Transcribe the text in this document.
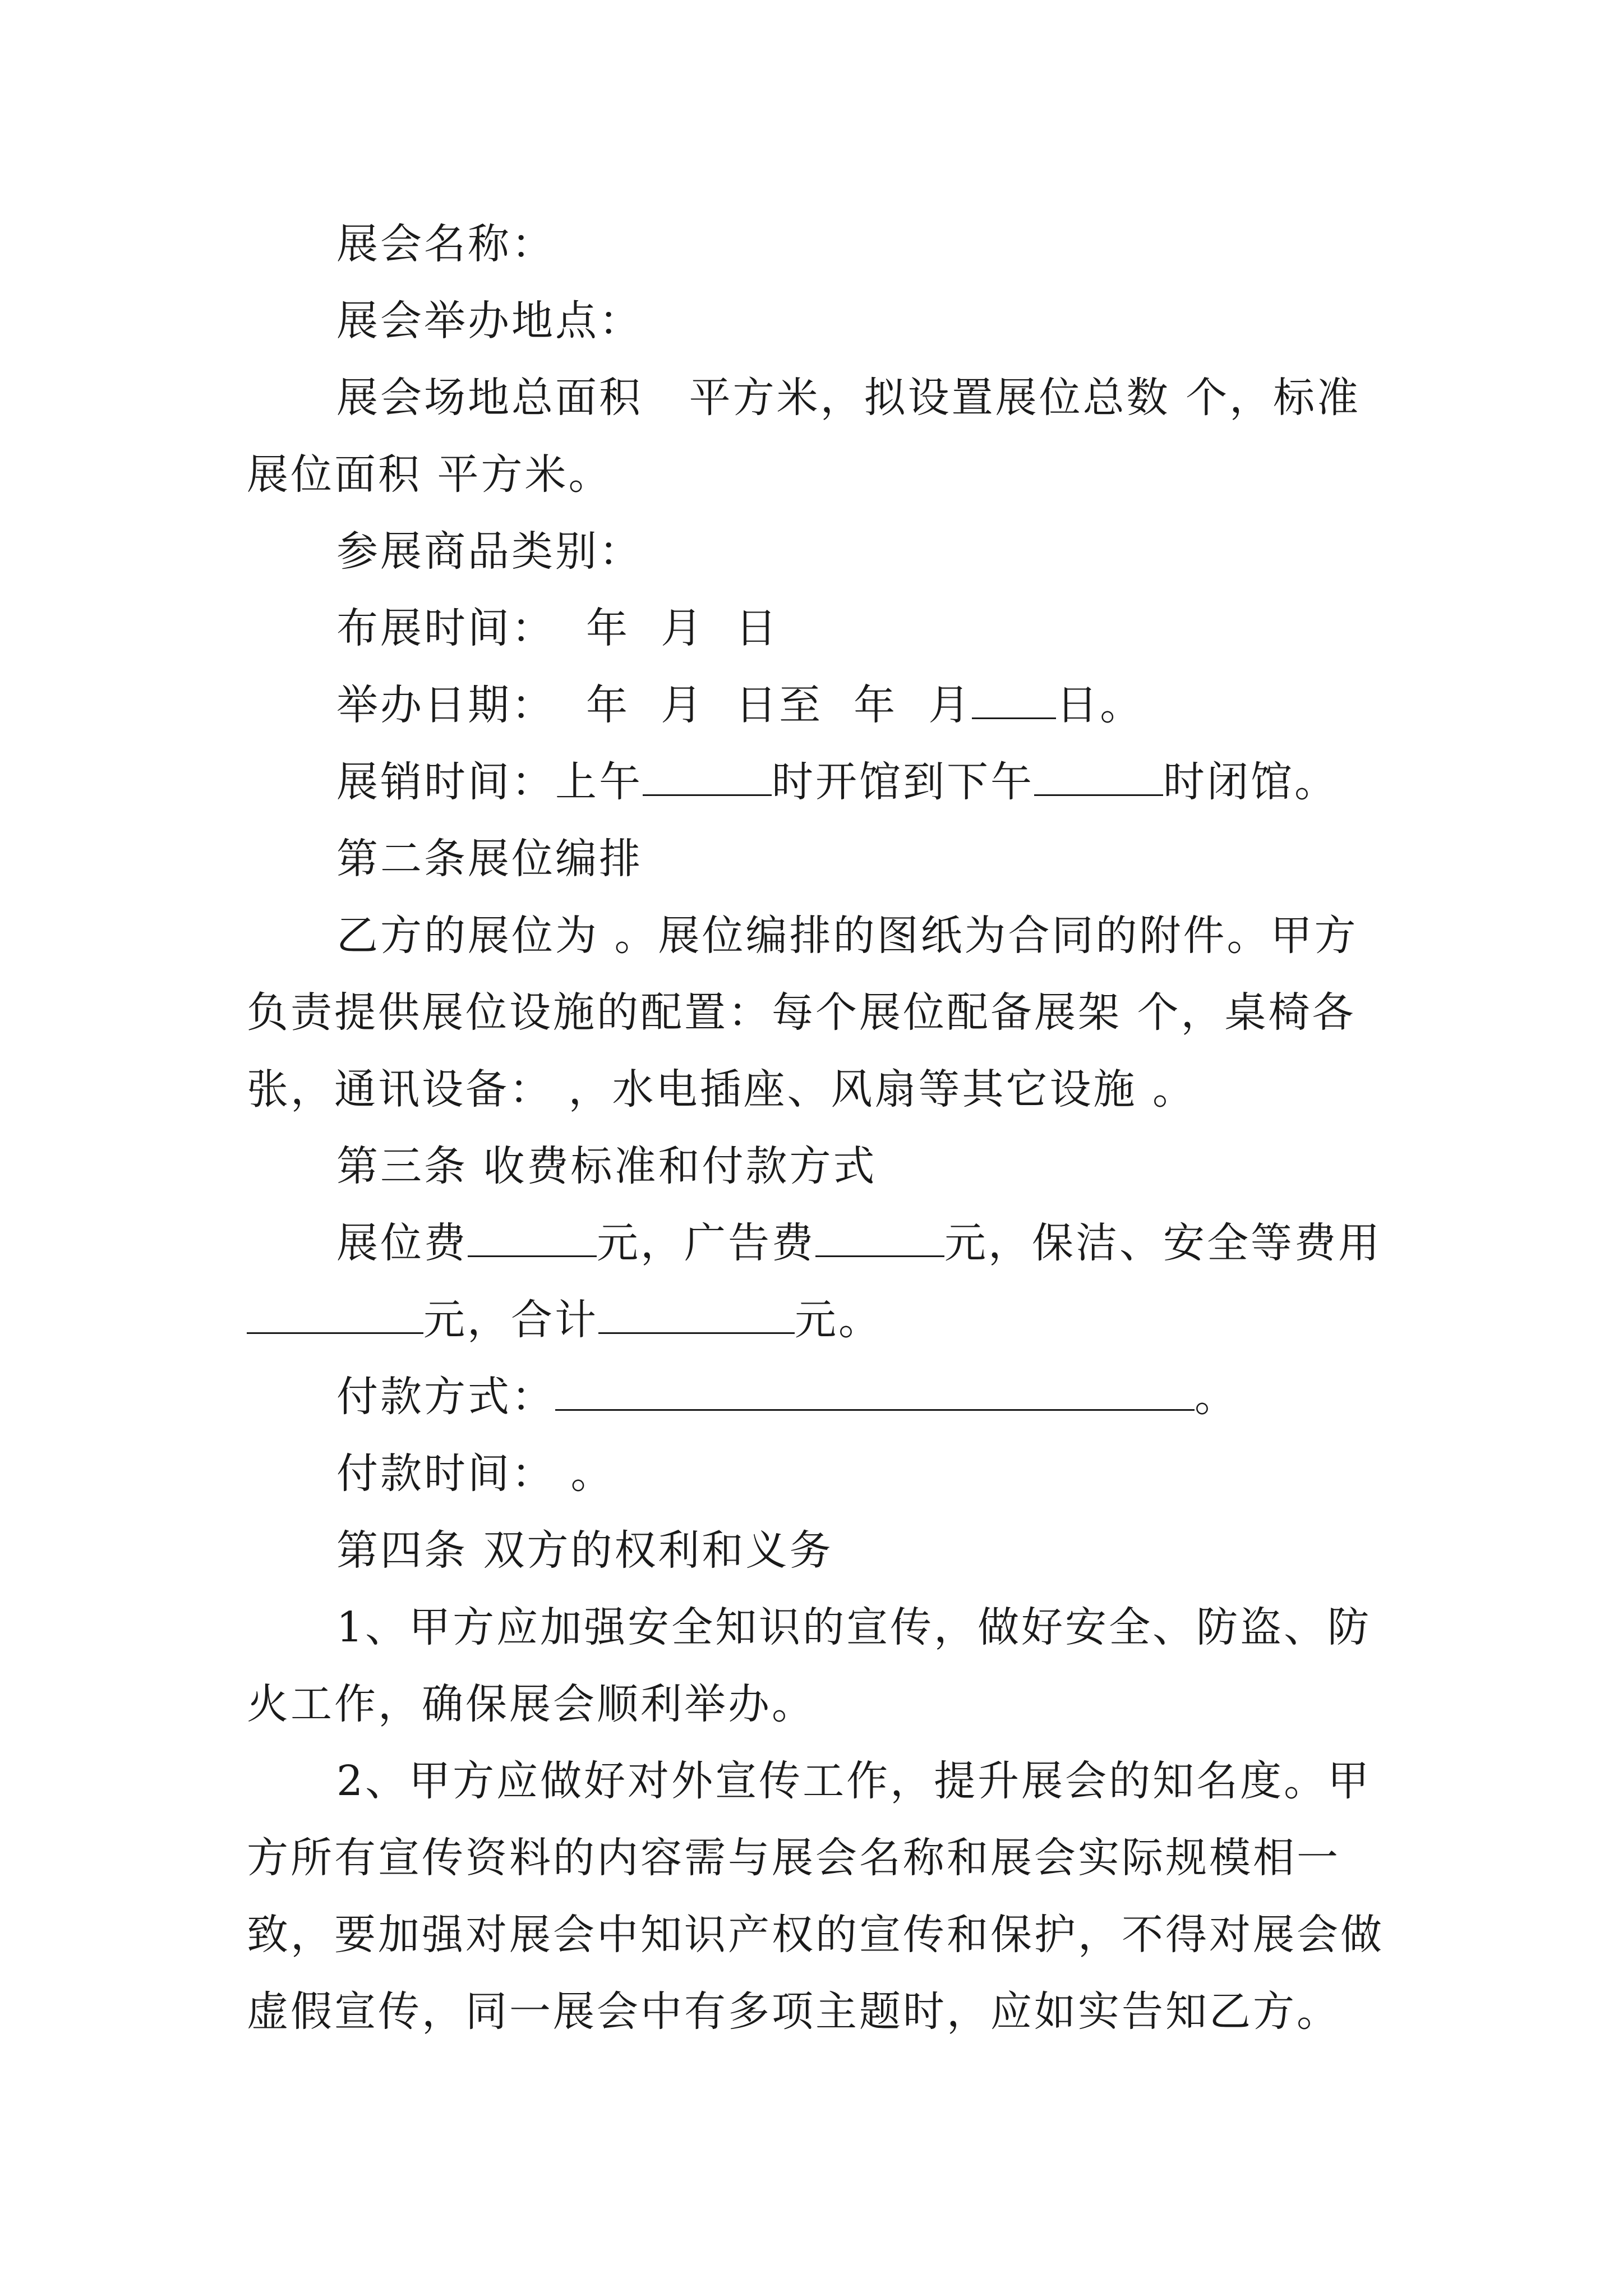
展会名称：
展会举办地点：
展会场地总面积   平方米，拟设置展位总数 个，标准
展位面积 平方米。
参展商品类别：
布展时间：  年  月  日
举办日期：  年  月  日至  年  月 日。
展销时间：上午	时开馆到下午	时闭馆。
第二条展位编排
乙方的展位为 。展位编排的图纸为合同的附件。甲方
负责提供展位设施的配置：每个展位配备展架 个，桌椅各
张，通讯设备： ，水电插座、风扇等其它设施 。
第三条 收费标准和付款方式
展位费	元，广告费	元，保洁、安全等费用
元，合计	元。
付款方式：	。
付款时间： 。
第四条 双方的权利和义务
1、甲方应加强安全知识的宣传，做好安全、防盗、防
火工作，确保展会顺利举办。
2、甲方应做好对外宣传工作，提升展会的知名度。甲
方所有宣传资料的内容需与展会名称和展会实际规模相一
致，要加强对展会中知识产权的宣传和保护，不得对展会做
虚假宣传，同一展会中有多项主题时，应如实告知乙方。
